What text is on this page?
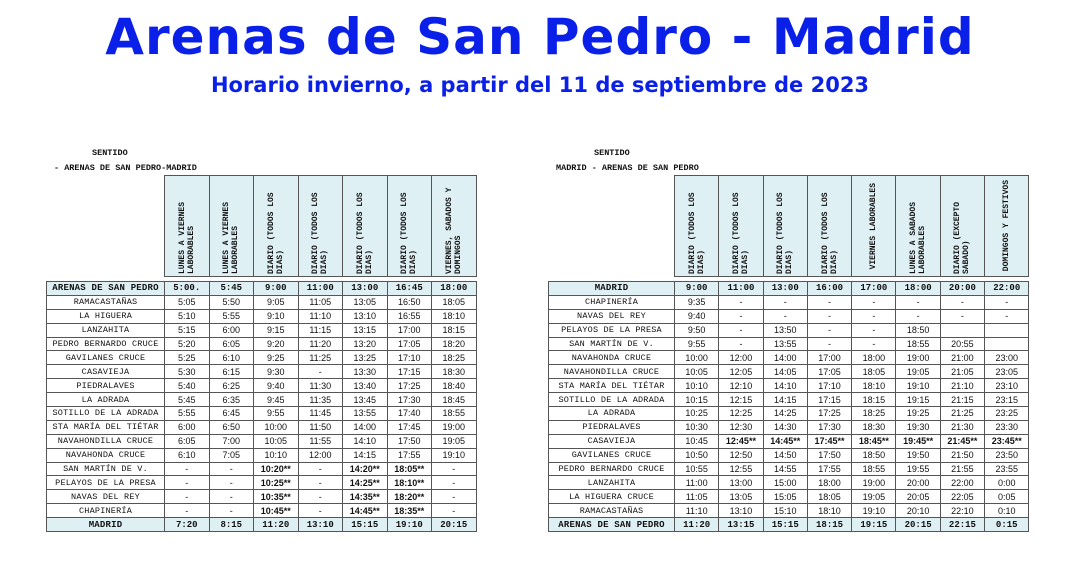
Arenas de San Pedro - Madrid
Horario invierno, a partir del 11 de septiembre de 2023
SENTIDO
- ARENAS DE SAN PEDRO-MADRID

	LUNES A VIERNES LABORABLES	LUNES A VIERNES LABORABLES	DIARIO (TODOS LOS DIAS)	DIARIO (TODOS LOS DIAS)	DIARIO (TODOS LOS DIAS)	DIARIO (TODOS LOS DIAS)	VIERNES, SABADOS Y DOMINGOS

ARENAS DE SAN PEDRO	5:00.	5:45	9:00	11:00	13:00	16:45	18:00
RAMACASTAÑAS	5:05	5:50	9:05	11:05	13:05	16:50	18:05
LA HIGUERA	5:10	5:55	9:10	11:10	13:10	16:55	18:10
LANZAHITA	5:15	6:00	9:15	11:15	13:15	17:00	18:15
PEDRO BERNARDO CRUCE	5:20	6:05	9:20	11:20	13:20	17:05	18:20
GAVILANES CRUCE	5:25	6:10	9:25	11:25	13:25	17:10	18:25
CASAVIEJA	5:30	6:15	9:30	-	13:30	17:15	18:30
PIEDRALAVES	5:40	6:25	9:40	11:30	13:40	17:25	18:40
LA ADRADA	5:45	6:35	9:45	11:35	13:45	17:30	18:45
SOTILLO DE LA ADRADA	5:55	6:45	9:55	11:45	13:55	17:40	18:55
STA MARÍA DEL TIÉTAR	6:00	6:50	10:00	11:50	14:00	17:45	19:00
NAVAHONDILLA CRUCE	6:05	7:00	10:05	11:55	14:10	17:50	19:05
NAVAHONDA CRUCE	6:10	7:05	10:10	12:00	14:15	17:55	19:10
SAN MARTÍN DE V.	-	-	10:20**	-	14:20**	18:05**	-
PELAYOS DE LA PRESA	-	-	10:25**	-	14:25**	18:10**	-
NAVAS DEL REY	-	-	10:35**	-	14:35**	18:20**	-
CHAPINERÍA	-	-	10:45**	-	14:45**	18:35**	-
MADRID	7:20	8:15	11:20	13:10	15:15	19:10	20:15
SENTIDO
MADRID - ARENAS DE SAN PEDRO

	DIARIO (TODOS LOS DIAS)	DIARIO (TODOS LOS DIAS)	DIARIO (TODOS LOS DIAS)	DIARIO (TODOS LOS DIAS)	VIERNES LABORABLES	LUNES A SABADOS LABORABLES	DIARIO (EXCEPTO SABADO)	DOMINGOS Y FESTIVOS

MADRID	9:00	11:00	13:00	16:00	17:00	18:00	20:00	22:00
CHAPINERÍA	9:35	-	-	-	-	-	-	-
NAVAS DEL REY	9:40	-	-	-	-	-	-	-
PELAYOS DE LA PRESA	9:50	-	13:50	-	-	18:50		
SAN MARTÍN DE V.	9:55	-	13:55	-	-	18:55	20:55	
NAVAHONDA CRUCE	10:00	12:00	14:00	17:00	18:00	19:00	21:00	23:00
NAVAHONDILLA CRUCE	10:05	12:05	14:05	17:05	18:05	19:05	21:05	23:05
STA MARÍA DEL TIÉTAR	10:10	12:10	14:10	17:10	18:10	19:10	21:10	23:10
SOTILLO DE LA ADRADA	10:15	12:15	14:15	17:15	18:15	19:15	21:15	23:15
LA ADRADA	10:25	12:25	14:25	17:25	18:25	19:25	21:25	23:25
PIEDRALAVES	10:30	12:30	14:30	17:30	18:30	19:30	21:30	23:30
CASAVIEJA	10:45	12:45**	14:45**	17:45**	18:45**	19:45**	21:45**	23:45**
GAVILANES CRUCE	10:50	12:50	14:50	17:50	18:50	19:50	21:50	23:50
PEDRO BERNARDO CRUCE	10:55	12:55	14:55	17:55	18:55	19:55	21:55	23:55
LANZAHITA	11:00	13:00	15:00	18:00	19:00	20:00	22:00	0:00
LA HIGUERA CRUCE	11:05	13:05	15:05	18:05	19:05	20:05	22:05	0:05
RAMACASTAÑAS	11:10	13:10	15:10	18:10	19:10	20:10	22:10	0:10
ARENAS DE SAN PEDRO	11:20	13:15	15:15	18:15	19:15	20:15	22:15	0:15
